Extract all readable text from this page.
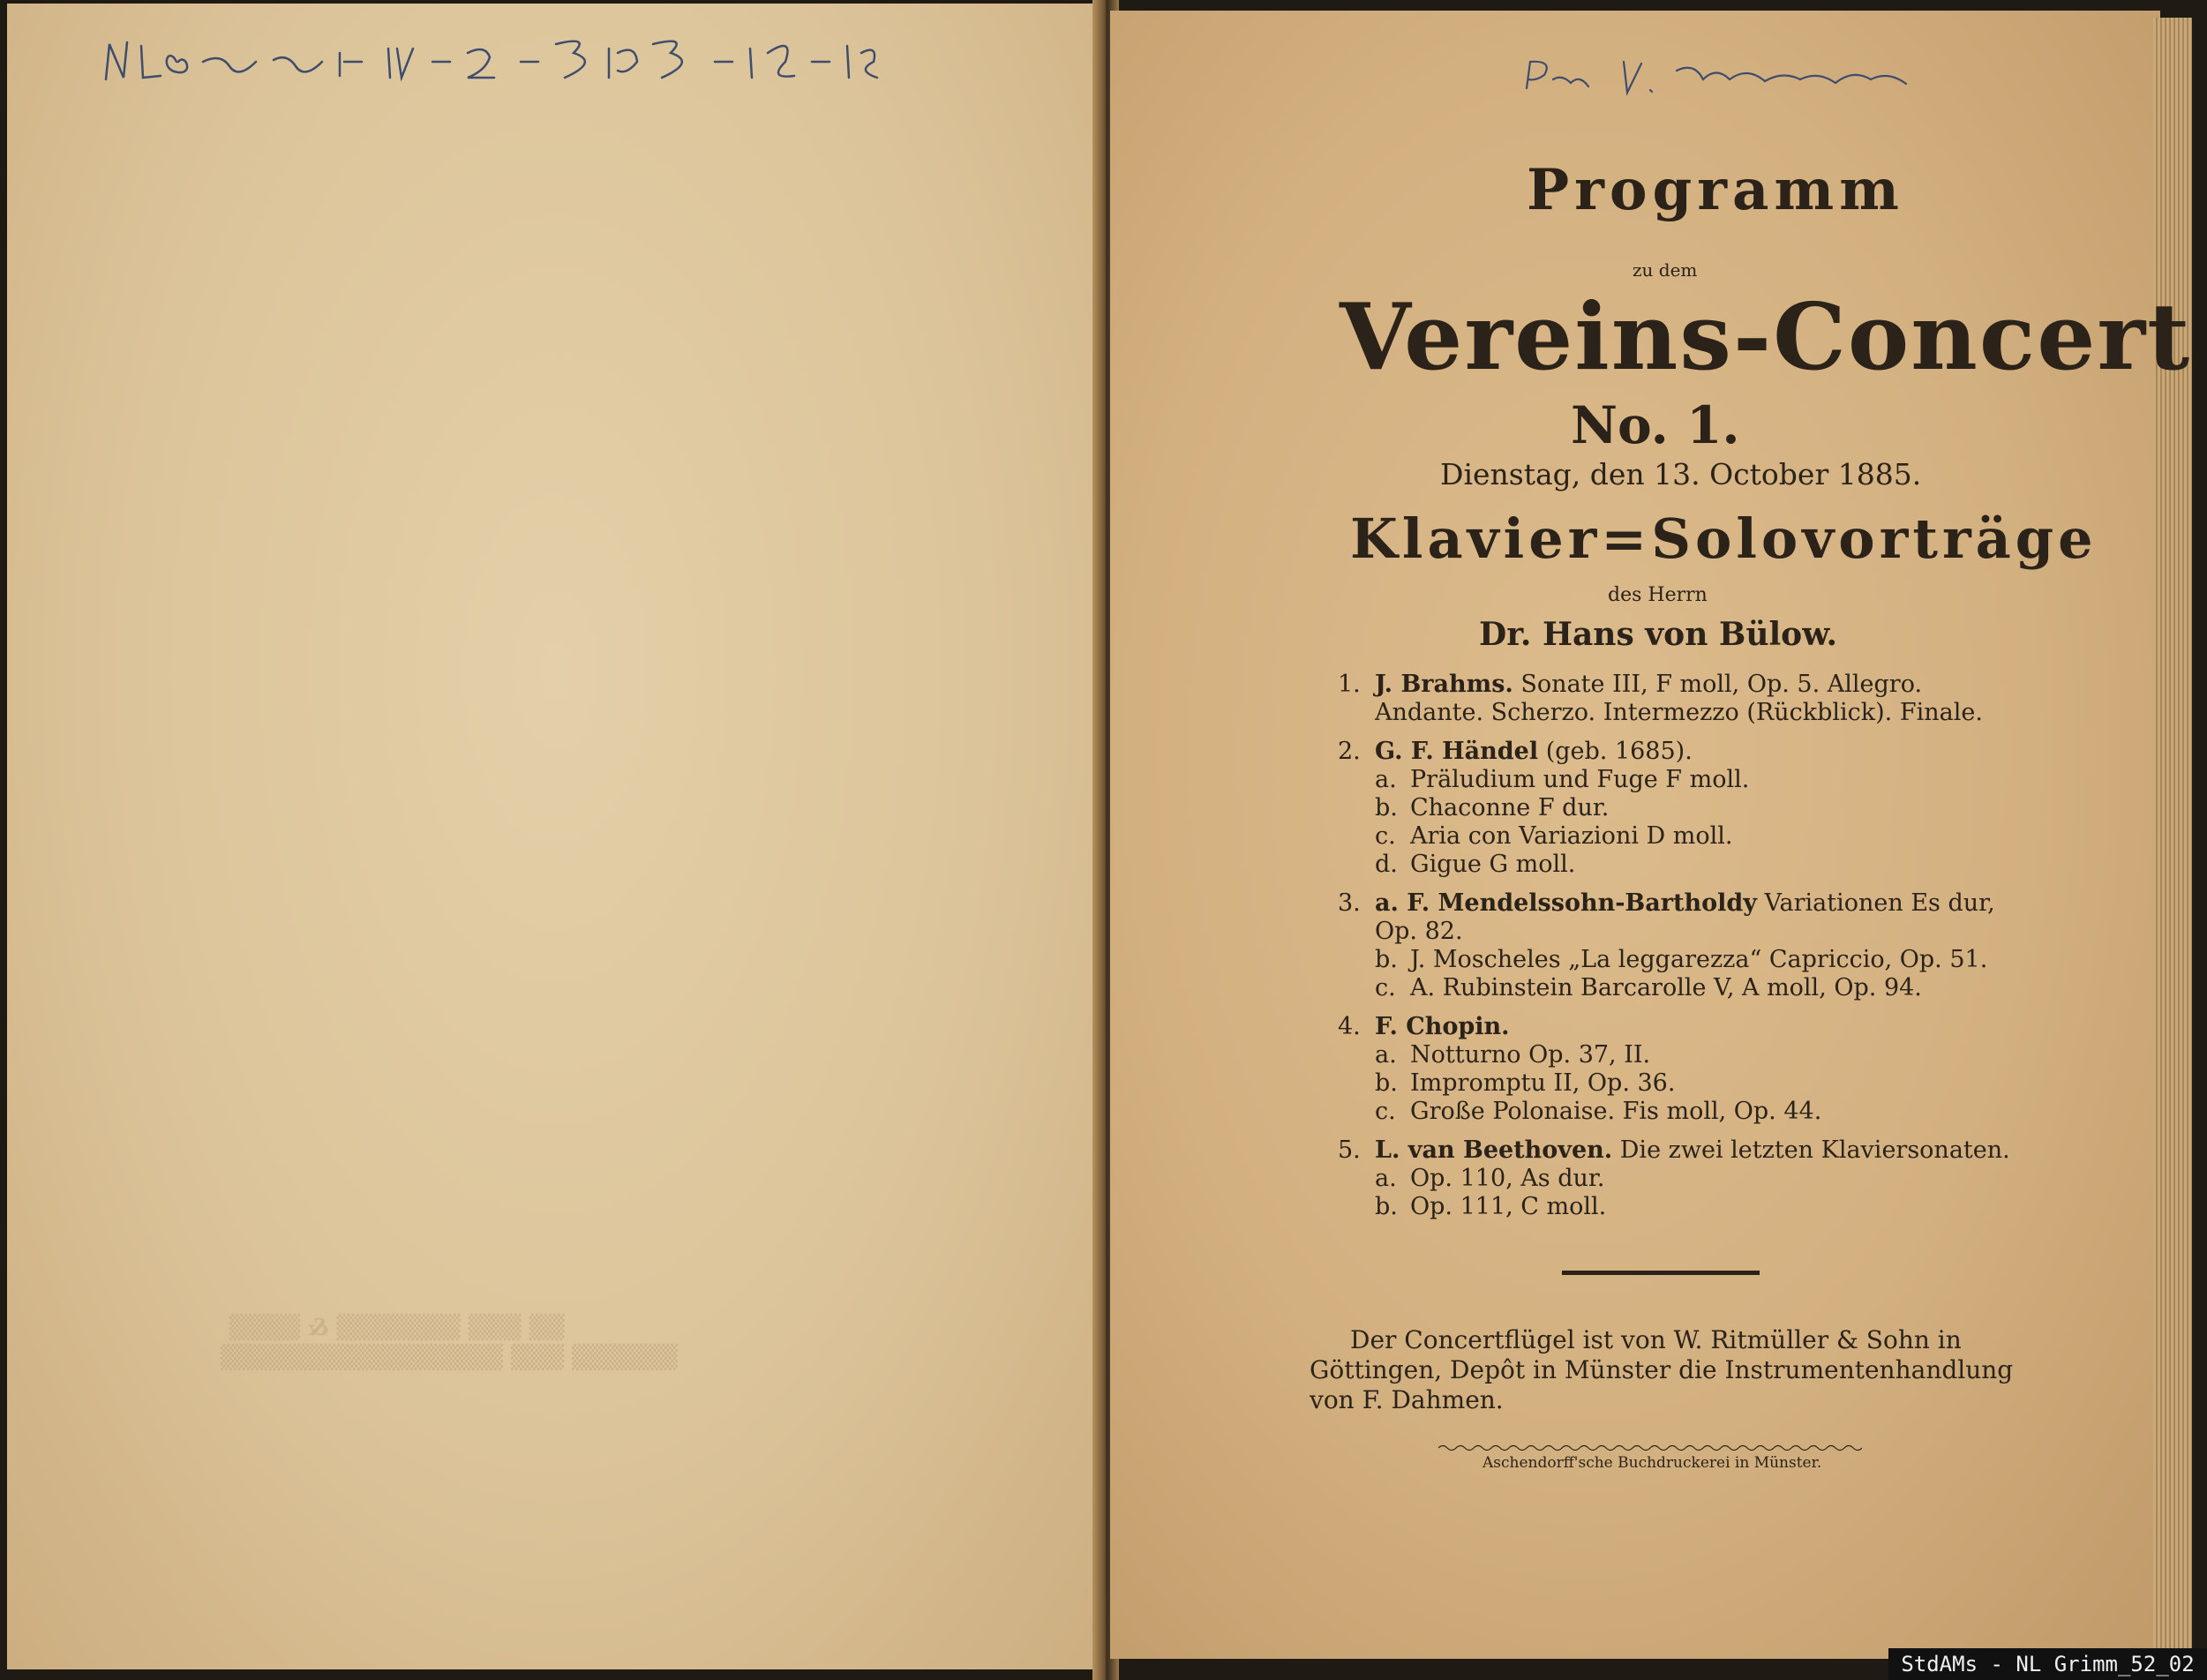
▒▒ ▒▒▒ ▒▒▒▒▒▒▒ & ▒▒▒▒
▒▒▒▒▒▒ ▒▒▒ ▒▒▒▒▒▒▒▒▒▒▒▒▒▒▒▒
Programm
zu dem
Vereins-Concert
No. 1.
Dienstag, den 13. October 1885.
Klavier=Solovorträge
des Herrn
Dr. Hans von Bülow.
1. J. Brahms.
Sonate III, F moll, Op. 5. Allegro.
Andante. Scherzo. Intermezzo (Rückblick). Finale.
2. G. F. Händel
(geb. 1685).
a. Präludium und Fuge F moll.
b. Chaconne F dur.
c. Aria con Variazioni D moll.
d. Gigue G moll.
3. a. F. Mendelssohn-Bartholdy
Variationen Es dur,
Op. 82.
b. J. Moscheles „La leggarezza“ Capriccio, Op. 51.
c. A. Rubinstein Barcarolle V, A moll, Op. 94.
4. F. Chopin.
a. Notturno Op. 37, II.
b. Impromptu II, Op. 36.
c. Große Polonaise. Fis moll, Op. 44.
5. L. van Beethoven.
Die zwei letzten Klaviersonaten.
a. Op. 110, As dur.
b. Op. 111, C moll.
Der Concertflügel ist von W. Ritmüller & Sohn in
Göttingen, Depôt in Münster die Instrumentenhandlung
von F. Dahmen.
Aschendorff'sche Buchdruckerei in Münster.
StdAMs - NL Grimm_52_02
